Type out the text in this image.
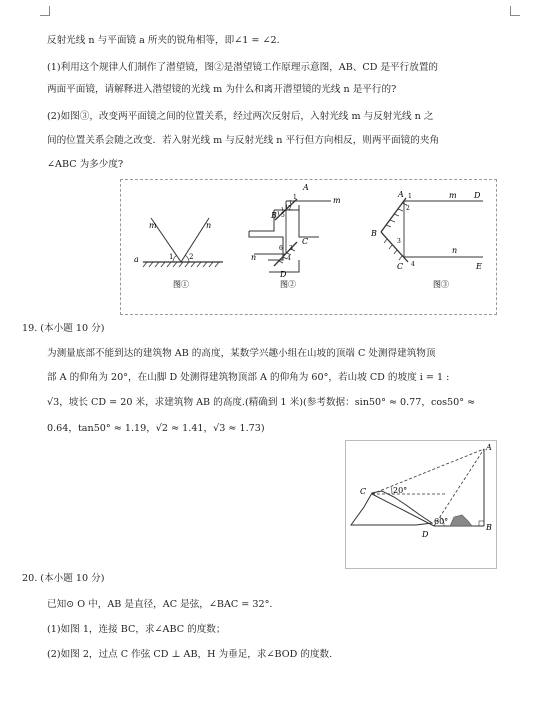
反射光线 n 与平面镜 a 所夹的锐角相等，即∠1 = ∠2.
(1)利用这个规律人们制作了潜望镜，图②是潜望镜工作原理示意图，AB、CD 是平行放置的
两面平面镜，请解释进入潜望镜的光线 m 为什么和离开潜望镜的光线 n 是平行的?
(2)如图③，改变两平面镜之间的位置关系，经过两次反射后，入射光线 m 与反射光线 n 之
间的位置关系会随之改变．若入射光线 m 与反射光线 n 平行但方向相反，则两平面镜的夹角
∠ABC 为多少度?
m	n
a	1 2
图①
A
B
C
D
m
n
1
2
3
4
5
6
图②
A
B
C
D
E
m
n
1
2
3
4
图③
19. (本小题 10 分)
为测量底部不能到达的建筑物 AB 的高度，某数学兴趣小组在山坡的顶端 C 处测得建筑物顶
部 A 的仰角为 20°，在山脚 D 处测得建筑物顶部 A 的仰角为 60°，若山坡 CD 的坡度 i = 1 :
√3，坡长 CD = 20 米，求建筑物 AB 的高度.(精确到 1 米)(参考数据：sin50° ≈ 0.77，cos50° ≈
0.64，tan50° ≈ 1.19，√2 ≈ 1.41，√3 ≈ 1.73)
A
B
C
D
20°
60°
20. (本小题 10 分)
已知⊙ O 中，AB 是直径，AC 是弦，∠BAC = 32°.
(1)如图 1，连接 BC，求∠ABC 的度数；
(2)如图 2，过点 C 作弦 CD ⊥ AB，H 为垂足，求∠BOD 的度数.
